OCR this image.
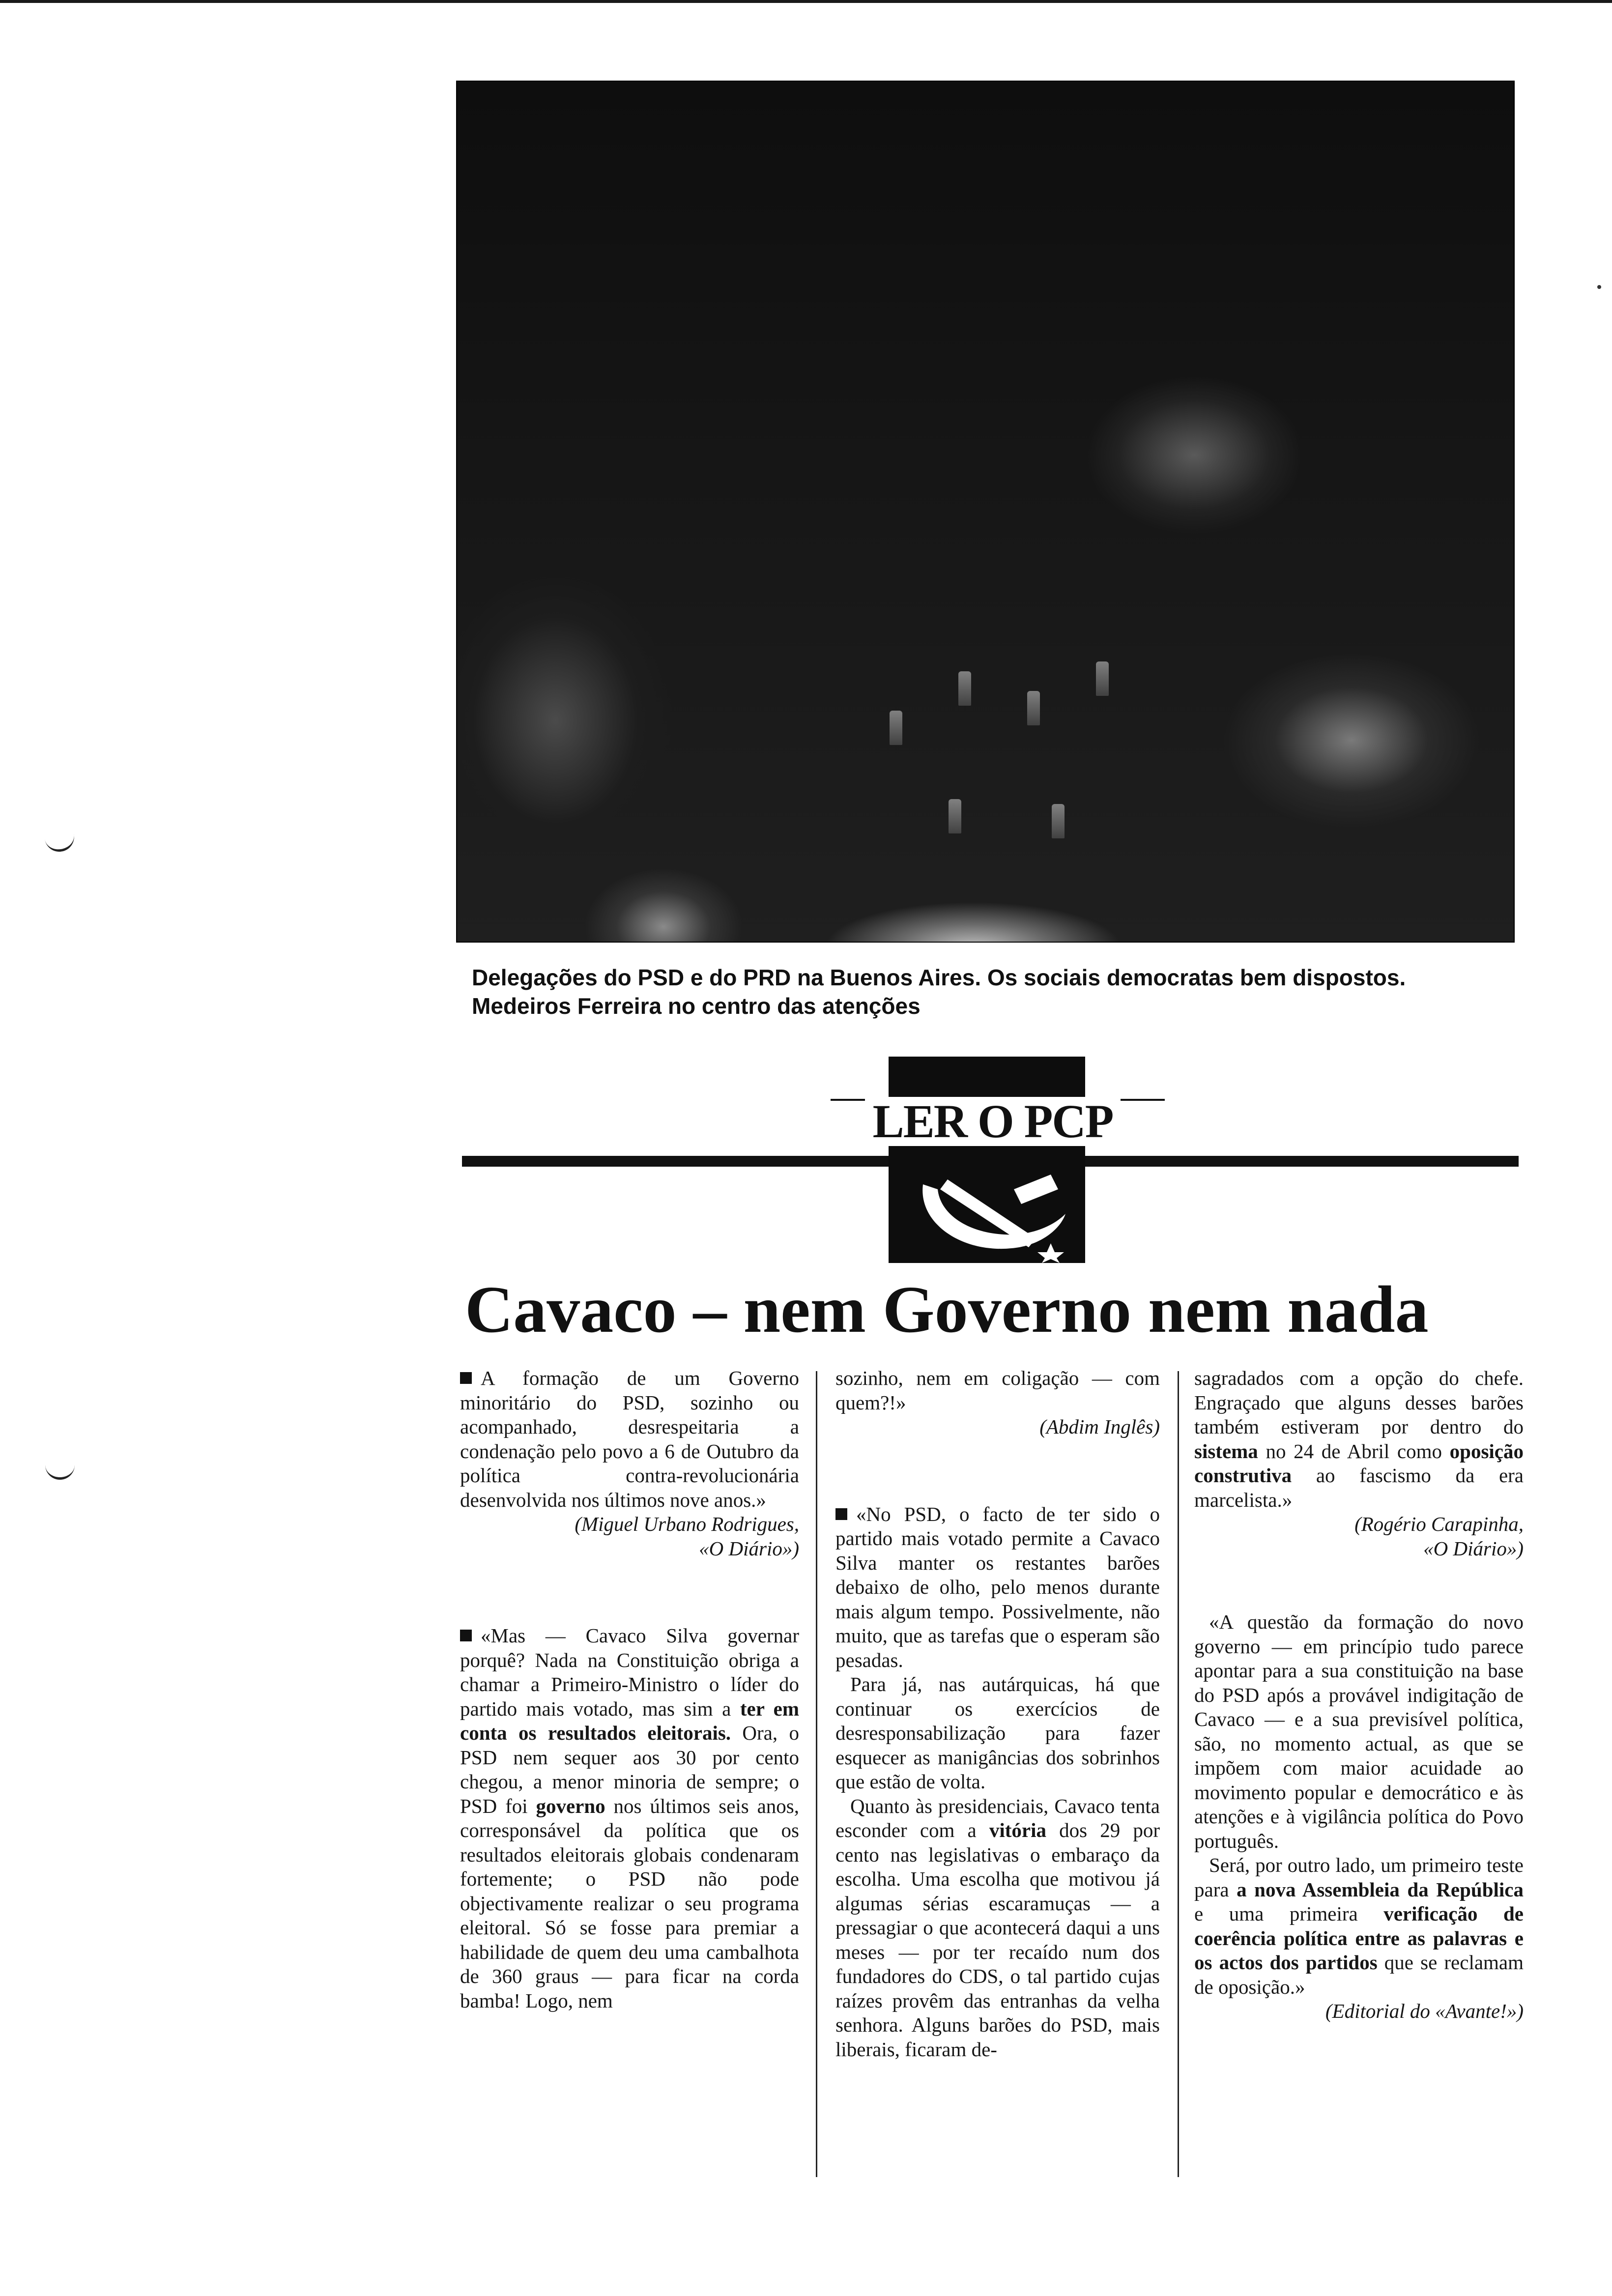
Delegações do PSD e do PRD na Buenos Aires. Os sociais democratas bem dispostos. Medeiros Ferreira no centro das atenções
LER O PCP
Cavaco – nem Governo nem nada

A formação de um Governo minoritário do PSD, sozinho ou acompanhado, desrespeitaria a condenação pelo povo a 6 de Outubro da política contra-revolucionária desenvolvida nos últimos nove anos.»

(Miguel Urbano Rodrigues,

«O Diário»)

«Mas — Cavaco Silva governar porquê? Nada na Constituição obriga a chamar a Primeiro-Ministro o líder do partido mais votado, mas sim a ter em conta os resultados eleitorais. Ora, o PSD nem sequer aos 30 por cento chegou, a menor minoria de sempre; o PSD foi governo nos últimos seis anos, corresponsável da política que os resultados eleitorais globais condenaram fortemente; o PSD não pode objectivamente realizar o seu programa eleitoral. Só se fosse para premiar a habilidade de quem deu uma cambalhota de 360 graus — para ficar na corda bamba! Logo, nem

sozinho, nem em coligação — com quem?!»

(Abdim Inglês)

«No PSD, o facto de ter sido o partido mais votado permite a Cavaco Silva manter os restantes barões debaixo de olho, pelo menos durante mais algum tempo. Possivelmente, não muito, que as tarefas que o esperam são pesadas.

Para já, nas autárquicas, há que continuar os exercícios de desresponsabilização para fazer esquecer as manigâncias dos sobrinhos que estão de volta.

Quanto às presidenciais, Cavaco tenta esconder com a vitória dos 29 por cento nas legislativas o embaraço da escolha. Uma escolha que motivou já algumas sérias escaramuças — a pressagiar o que acontecerá daqui a uns meses — por ter recaído num dos fundadores do CDS, o tal partido cujas raízes provêm das entranhas da velha senhora. Alguns barões do PSD, mais liberais, ficaram de-

sagradados com a opção do chefe. Engraçado que alguns desses barões também estiveram por dentro do sistema no 24 de Abril como oposição construtiva ao fascismo da era marcelista.»

(Rogério Carapinha,

«O Diário»)

«A questão da formação do novo governo — em princípio tudo parece apontar para a sua constituição na base do PSD após a provável indigitação de Cavaco — e a sua previsível política, são, no momento actual, as que se impõem com maior acuidade ao movimento popular e democrático e às atenções e à vigilância política do Povo português.

Será, por outro lado, um primeiro teste para a nova Assembleia da República e uma primeira verificação de coerência política entre as palavras e os actos dos partidos que se reclamam de oposição.»

(Editorial do «Avante!»)
